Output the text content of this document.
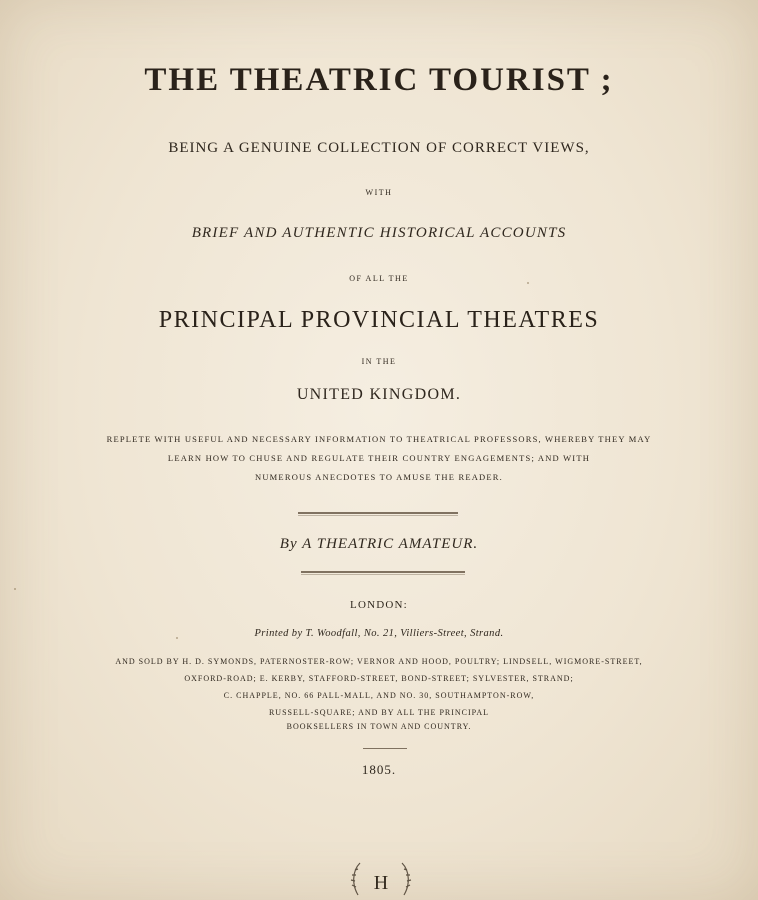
THE THEATRIC TOURIST ;

BEING A GENUINE COLLECTION OF CORRECT VIEWS,

WITH

BRIEF AND AUTHENTIC HISTORICAL ACCOUNTS

OF ALL THE

PRINCIPAL PROVINCIAL THEATRES

IN THE

UNITED KINGDOM.

REPLETE WITH USEFUL AND NECESSARY INFORMATION TO THEATRICAL PROFESSORS, WHEREBY THEY MAY

LEARN HOW TO CHUSE AND REGULATE THEIR COUNTRY ENGAGEMENTS; AND WITH

NUMEROUS ANECDOTES TO AMUSE THE READER.

By A THEATRIC AMATEUR.

LONDON:

Printed by T. Woodfall, No. 21, Villiers-Street, Strand.

AND SOLD BY H. D. SYMONDS, PATERNOSTER-ROW; VERNOR AND HOOD, POULTRY; LINDSELL, WIGMORE-STREET,

OXFORD-ROAD; E. KERBY, STAFFORD-STREET, BOND-STREET; SYLVESTER, STRAND;

C. CHAPPLE, NO. 66 PALL-MALL, AND NO. 30, SOUTHAMPTON-ROW,

RUSSELL-SQUARE; AND BY ALL THE PRINCIPAL

BOOKSELLERS IN TOWN AND COUNTRY.

1805.

H
